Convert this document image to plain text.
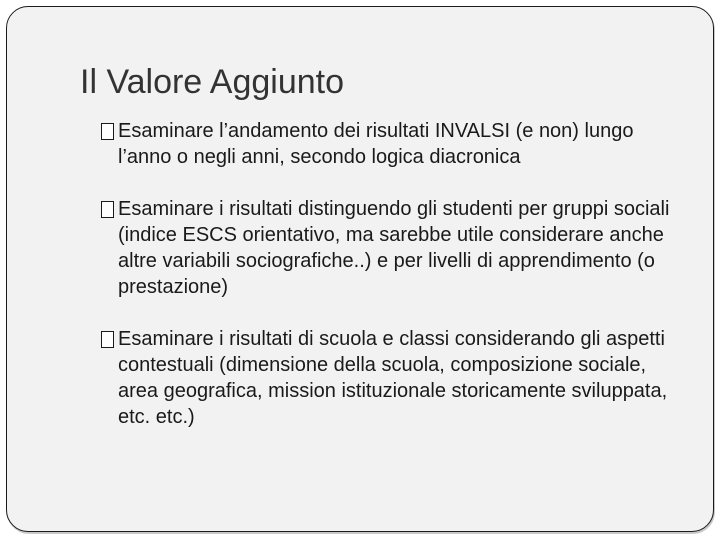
Il Valore Aggiunto
Esaminare l’andamento dei risultati INVALSI (e non) lungo l’anno o negli anni, secondo logica diacronica
Esaminare i risultati distinguendo gli studenti per gruppi sociali (indice ESCS orientativo, ma sarebbe utile considerare anche altre variabili sociografiche..) e per livelli di apprendimento (o prestazione)
Esaminare i risultati di scuola e classi considerando gli aspetti contestuali (dimensione della scuola, composizione sociale, area geografica, mission istituzionale storicamente sviluppata, etc. etc.)
